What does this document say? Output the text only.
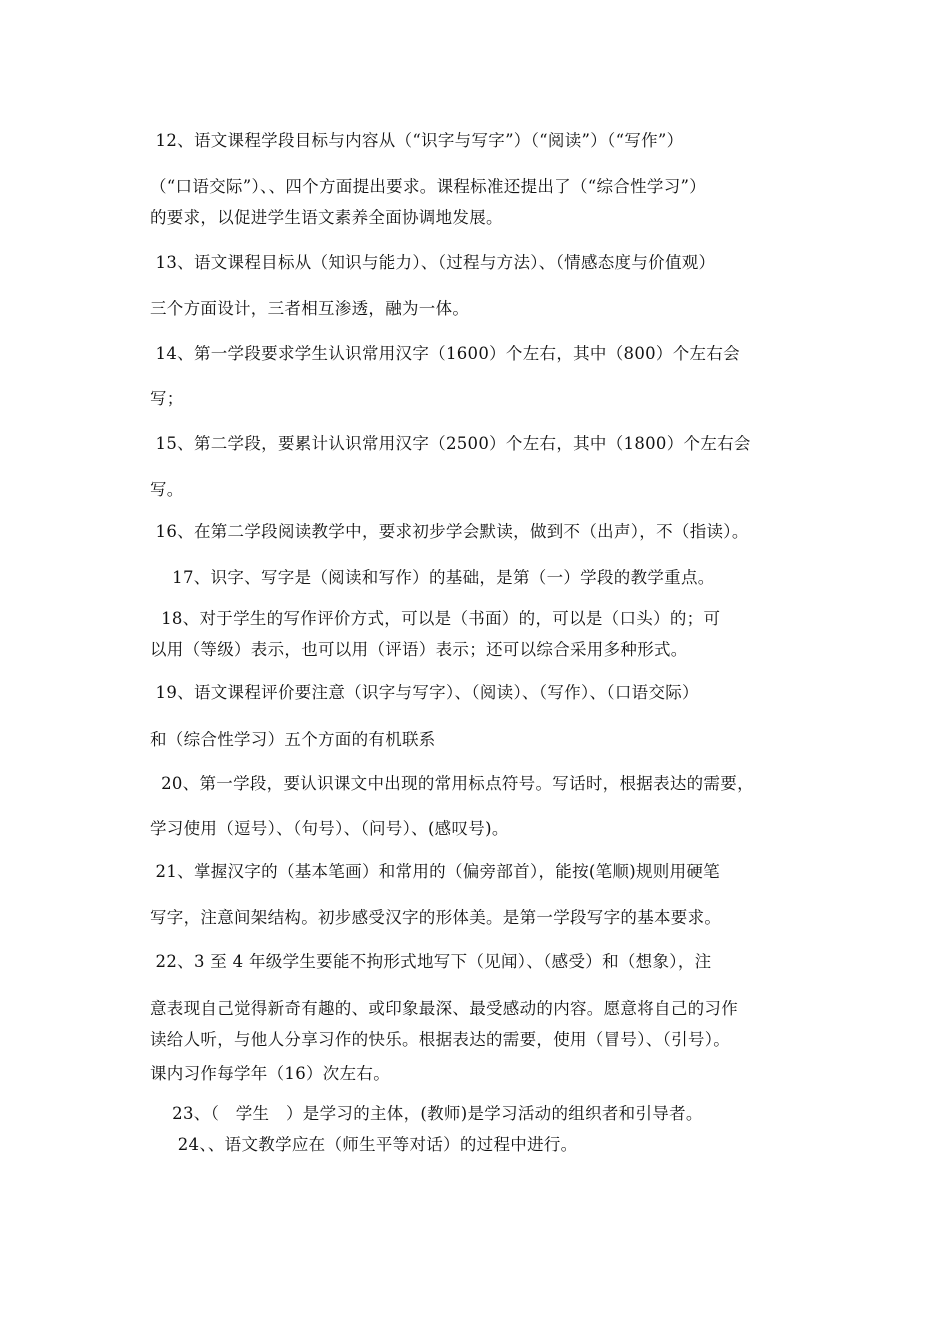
12、语文课程学段目标与内容从（“识字与写字”）（“阅读”）（“写作”）
（“口语交际”）、、四个方面提出要求。课程标准还提出了（“综合性学习”）
的要求，以促进学生语文素养全面协调地发展。
13、语文课程目标从（知识与能力）、（过程与方法）、（情感态度与价值观）
三个方面设计，三者相互渗透，融为一体。
14、第一学段要求学生认识常用汉字（1600）个左右，其中（800）个左右会
写；
15、第二学段，要累计认识常用汉字（2500）个左右，其中（1800）个左右会
写。
16、在第二学段阅读教学中，要求初步学会默读，做到不（出声），不（指读）。
17、识字、写字是（阅读和写作）的基础，是第（一）学段的教学重点。
18、对于学生的写作评价方式，可以是（书面）的，可以是（口头）的；可
以用（等级）表示，也可以用（评语）表示；还可以综合采用多种形式。
19、语文课程评价要注意（识字与写字）、（阅读）、（写作）、（口语交际）
和（综合性学习）五个方面的有机联系
20、第一学段，要认识课文中出现的常用标点符号。写话时，根据表达的需要，
学习使用（逗号）、（句号）、（问号）、(感叹号)。
21、掌握汉字的（基本笔画）和常用的（偏旁部首），能按(笔顺)规则用硬笔
写字，注意间架结构。初步感受汉字的形体美。是第一学段写字的基本要求。
22、3 至 4 年级学生要能不拘形式地写下（见闻）、（感受）和（想象），注
意表现自己觉得新奇有趣的、或印象最深、最受感动的内容。愿意将自己的习作
读给人听，与他人分享习作的快乐。根据表达的需要，使用（冒号）、（引号）。
课内习作每学年（16）次左右。
23、（   学生   ）是学习的主体，(教师)是学习活动的组织者和引导者。
24、、语文教学应在（师生平等对话）的过程中进行。
